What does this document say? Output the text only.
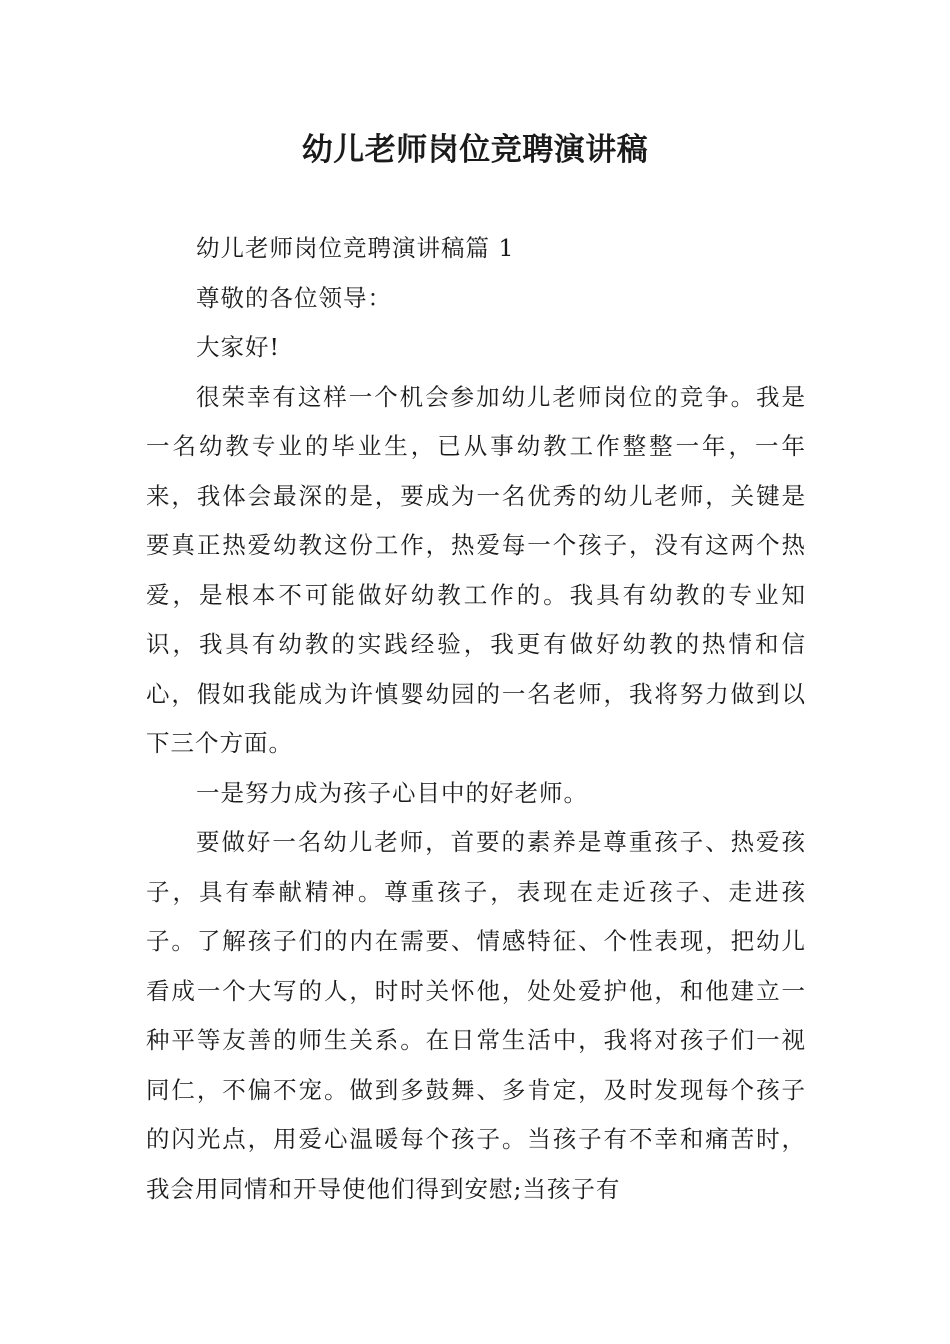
幼儿老师岗位竞聘演讲稿

幼儿老师岗位竞聘演讲稿篇 1

尊敬的各位领导：

大家好!

很荣幸有这样一个机会参加幼儿老师岗位的竞争。我是一名幼教专业的毕业生，已从事幼教工作整整一年，一年来，我体会最深的是，要成为一名优秀的幼儿老师，关键是要真正热爱幼教这份工作，热爱每一个孩子，没有这两个热爱，是根本不可能做好幼教工作的。我具有幼教的专业知识，我具有幼教的实践经验，我更有做好幼教的热情和信心，假如我能成为许慎婴幼园的一名老师，我将努力做到以下三个方面。

一是努力成为孩子心目中的好老师。

要做好一名幼儿老师，首要的素养是尊重孩子、热爱孩子，具有奉献精神。尊重孩子，表现在走近孩子、走进孩子。了解孩子们的内在需要、情感特征、个性表现，把幼儿看成一个大写的人，时时关怀他，处处爱护他，和他建立一种平等友善的师生关系。在日常生活中，我将对孩子们一视同仁，不偏不宠。做到多鼓舞、多肯定，及时发现每个孩子的闪光点，用爱心温暖每个孩子。当孩子有不幸和痛苦时，我会用同情和开导使他们得到安慰;当孩子有
